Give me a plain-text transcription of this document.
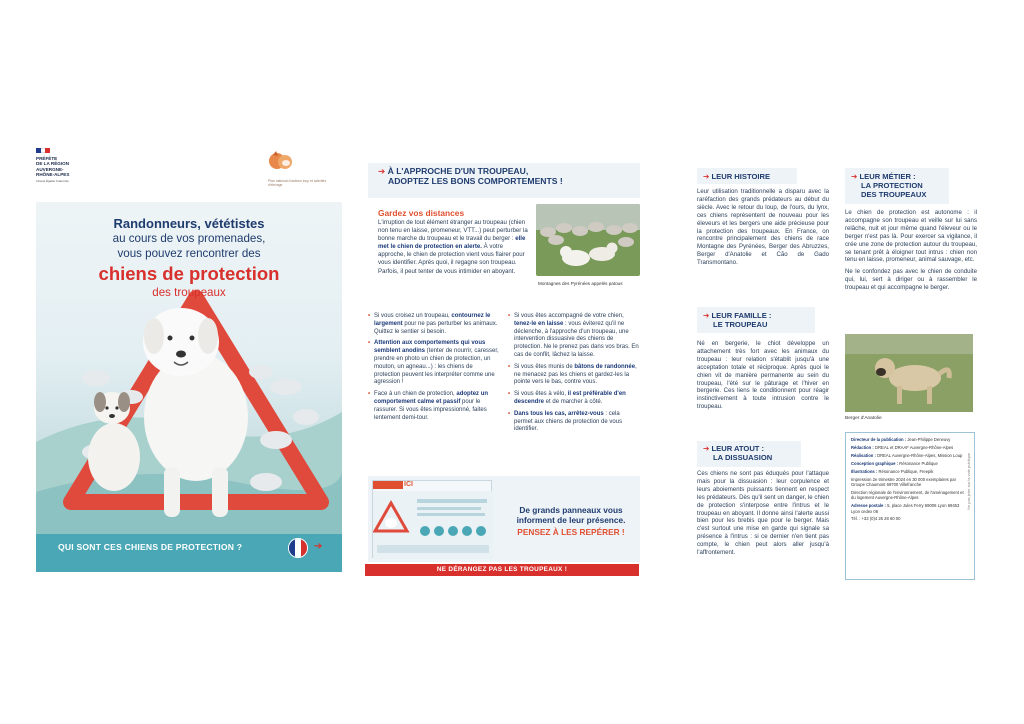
PRÉFÈTE
DE LA RÉGION
AUVERGNE-
RHÔNE-ALPES
Liberté Égalité Fraternité	Plan national d'actions loup et activités d'élevage
Randonneurs, vététistes
au cours de vos promenades,
vous pouvez rencontrer des
chiens de protection
des troupeaux
QUI SONT CES CHIENS DE PROTECTION ?	➔
➔ À L'APPROCHE D'UN TROUPEAU,
ADOPTEZ LES BONS COMPORTEMENTS !
Gardez vos distances
L'irruption de tout élément étranger au troupeau (chien non tenu en laisse, promeneur, VTT...) peut perturber la bonne marche du troupeau et le travail du berger : elle met le chien de protection en alerte. À votre approche, le chien de protection vient vous flairer pour vous identifier. Après quoi, il regagne son troupeau. Parfois, il peut tenter de vous intimider en aboyant.
Montagnes des Pyrénées appelés patous
• Si vous croisez un troupeau, contournez le largement pour ne pas perturber les animaux. Quittez le sentier si besoin.
• Attention aux comportements qui vous semblent anodins (tenter de nourrir, caresser, prendre en photo un chien de protection, un mouton, un agneau...) : les chiens de protection peuvent les interpréter comme une agression !
• Face à un chien de protection, adoptez un comportement calme et passif pour le rassurer. Si vous êtes impressionné, faites lentement demi-tour.
• Si vous êtes accompagné de votre chien, tenez-le en laisse : vous éviterez qu'il ne déclenche, à l'approche d'un troupeau, une intervention dissuasive des chiens de protection. Ne le prenez pas dans vos bras. En cas de conflit, lâchez la laisse.
• Si vous êtes munis de bâtons de randonnée, ne menacez pas les chiens et gardez-les la pointe vers le bas, contre vous.
• Si vous êtes à vélo, il est préférable d'en descendre et de marcher à côté.
• Dans tous les cas, arrêtez-vous : cela permet aux chiens de protection de vous identifier.
ICI
De grands panneaux vous informent de leur présence.
PENSEZ À LES REPÉRER !
NE DÉRANGEZ PAS LES TROUPEAUX !
➔ LEUR HISTOIRE
Leur utilisation traditionnelle a disparu avec la raréfaction des grands prédateurs au début du siècle. Avec le retour du loup, de l'ours, du lynx, ces chiens représentent de nouveau pour les éleveurs et les bergers une aide précieuse pour la protection des troupeaux. En France, on rencontre principalement des chiens de race Montagne des Pyrénées, Berger des Abruzzes, Berger d'Anatolie et Cão de Gado Transmontano.
➔ LEUR FAMILLE :
LE TROUPEAU
Né en bergerie, le chiot développe un attachement très fort avec les animaux du troupeau : leur relation s'établit jusqu'à une acceptation totale et réciproque. Après quoi le chien vit de manière permanente au sein du troupeau, l'été sur le pâturage et l'hiver en bergerie. Ces liens le conditionnent pour réagir instinctivement à toute intrusion contre le troupeau.
➔ LEUR ATOUT :
LA DISSUASION
Ces chiens ne sont pas éduqués pour l'attaque mais pour la dissuasion : leur corpulence et leurs aboiements puissants tiennent en respect les prédateurs. Dès qu'il sent un danger, le chien de protection s'interpose entre l'intrus et le troupeau en aboyant. Il donne ainsi l'alerte aussi bien pour les brebis que pour le berger. Mais c'est surtout une mise en garde qui signale sa présence à l'intrus : si ce dernier n'en tient pas compte, le chien peut alors aller jusqu'à l'affrontement.
➔ LEUR MÉTIER :
LA PROTECTION
DES TROUPEAUX

Le chien de protection est autonome : il accompagne son troupeau et veille sur lui sans relâche, nuit et jour même quand l'éleveur ou le berger n'est pas là. Pour exercer sa vigilance, il crée une zone de protection autour du troupeau, se tenant prêt à éloigner tout intrus : chien non tenu en laisse, promeneur, animal sauvage, etc.

Ne le confondez pas avec le chien de conduite qui, lui, sert à diriger ou à rassembler le troupeau et qui accompagne le berger.

Berger d'Anatolie

Directeur de la publication : Jean-Philippe Deneuvy

Rédaction : DREAL et DRAAF Auvergne-Rhône-Alpes

Réalisation : DREAL Auvergne-Rhône-Alpes, Mission Loup

Conception graphique : Résonance Publique

Illustrations : Résonance Publique, Freepik

Impression 2e trimestre 2024 en 30 000 exemplaires par Groupe Chaumont 69700 Villefranche

Direction régionale de l'environnement, de l'aménagement et du logement Auvergne-Rhône-Alpes

Adresse postale : 5, place Jules Ferry 69006 Lyon 69453 Lyon cedex 06

Tél. : +33 (0)4 26 28 60 00

Ne pas jeter sur la voie publique
